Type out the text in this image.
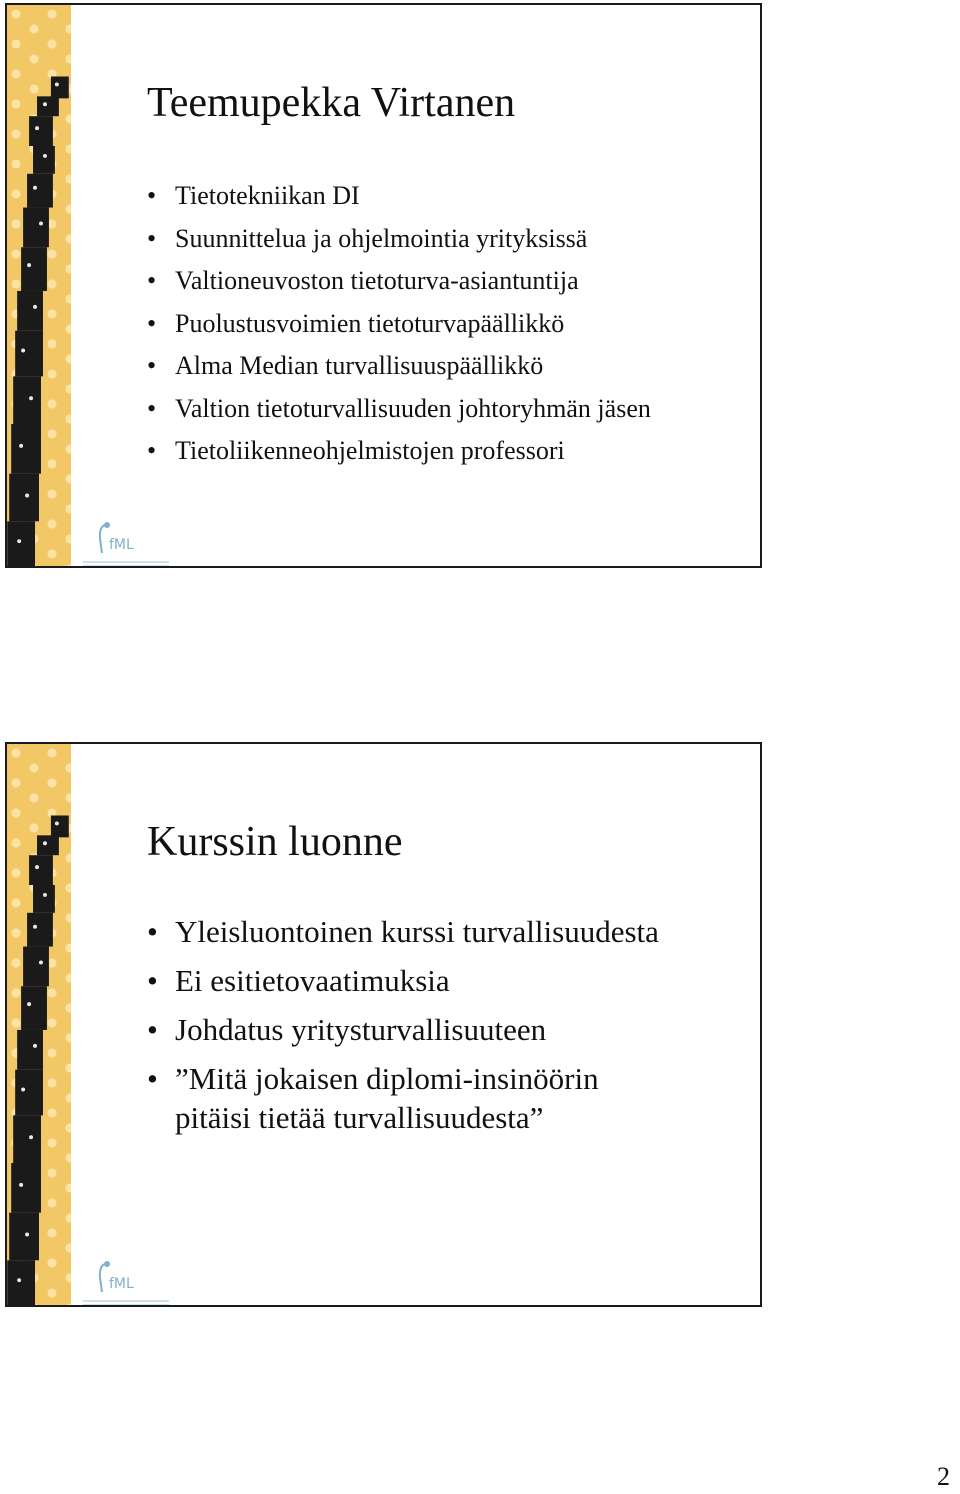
Teemupekka Virtanen
• Tietotekniikan DI
• Suunnittelua ja ohjelmointia yrityksissä
• Valtioneuvoston tietoturva-asiantuntija
• Puolustusvoimien tietoturvapäällikkö
• Alma Median turvallisuuspäällikkö
• Valtion tietoturvallisuuden johtoryhmän jäsen
• Tietoliikenneohjelmistojen professori
fML
Kurssin luonne
• Yleisluontoinen kurssi turvallisuudesta
• Ei esitietovaatimuksia
• Johdatus yritysturvallisuuteen
• ”Mitä jokaisen diplomi-insinöörin pitäisi tietää turvallisuudesta”
fML
2
